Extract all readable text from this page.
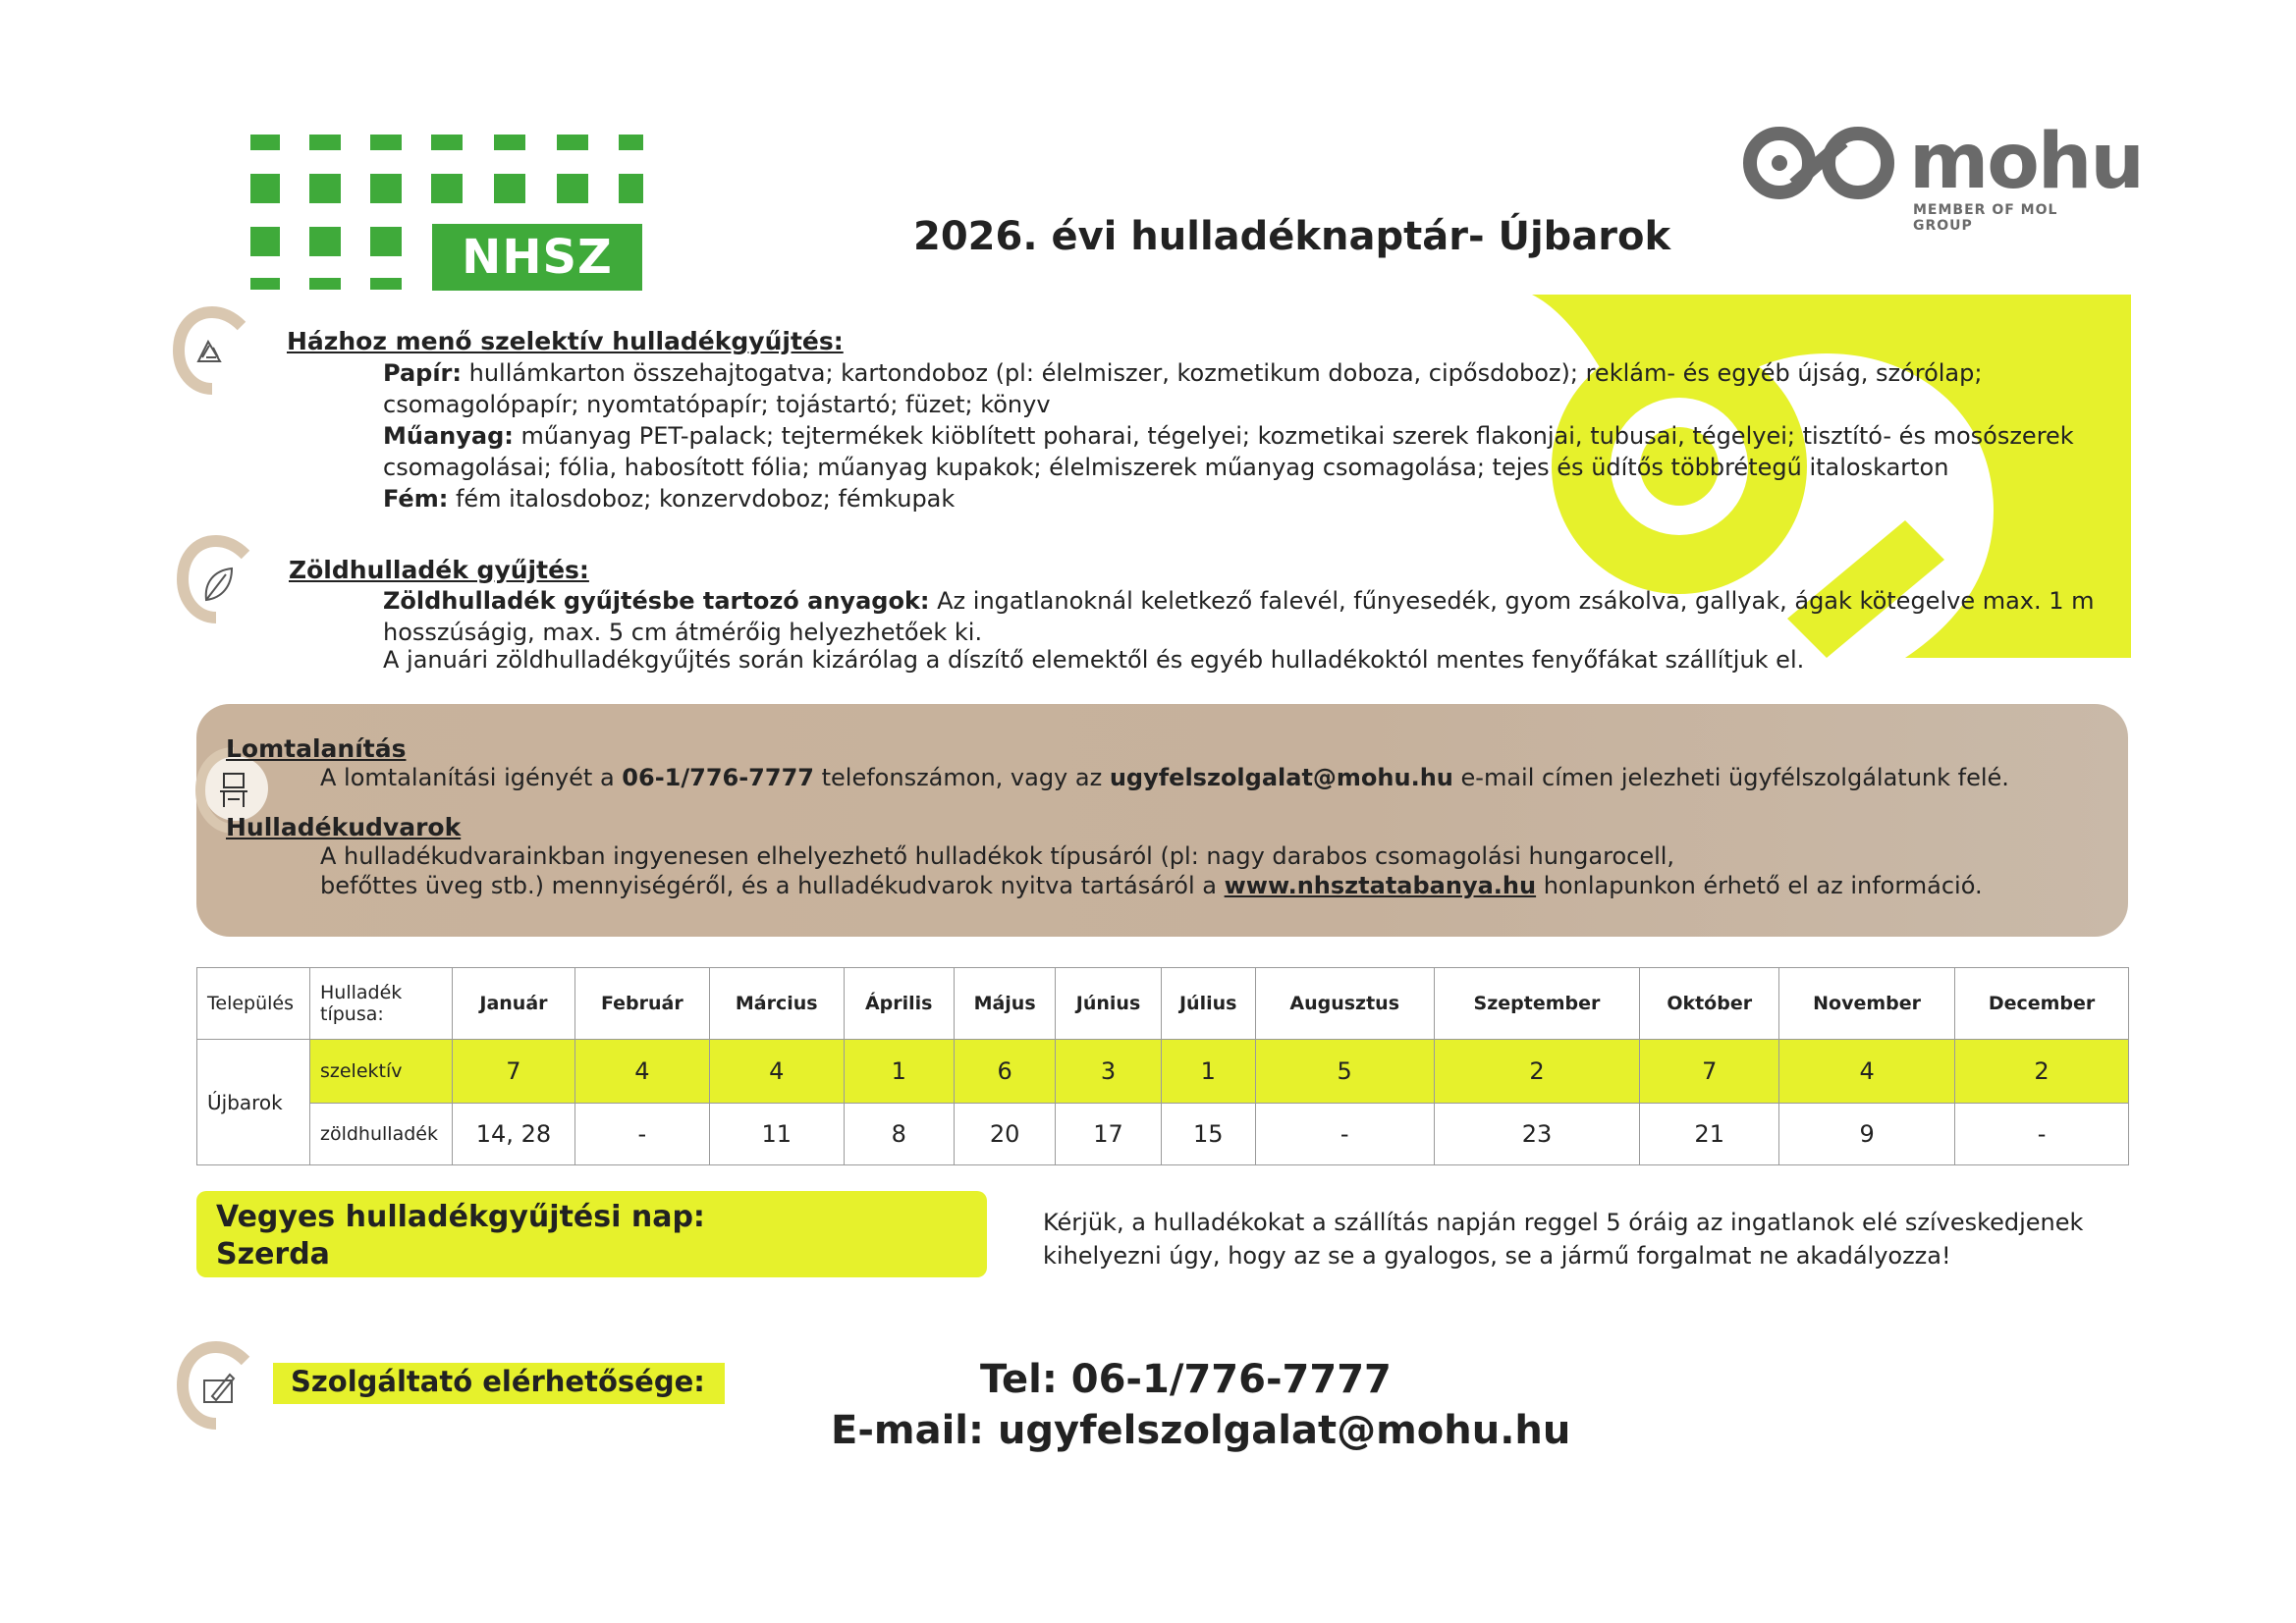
NHSZ
mohu
MEMBER OF MOL GROUP
2026. évi hulladéknaptár- Újbarok
Házhoz menő szelektív hulladékgyűjtés:
Papír: hullámkarton összehajtogatva; kartondoboz (pl: élelmiszer, kozmetikum doboza, cipősdoboz); reklám- és egyéb újság, szórólap;
csomagolópapír; nyomtatópapír; tojástartó; füzet; könyv
Műanyag: műanyag PET-palack; tejtermékek kiöblített poharai, tégelyei; kozmetikai szerek flakonjai, tubusai, tégelyei; tisztító- és mosószerek
csomagolásai; fólia, habosított fólia; műanyag kupakok; élelmiszerek műanyag csomagolása; tejes és üdítős többrétegű italoskarton
Fém: fém italosdoboz; konzervdoboz; fémkupak
Zöldhulladék gyűjtés:
Zöldhulladék gyűjtésbe tartozó anyagok: Az ingatlanoknál keletkező falevél, fűnyesedék, gyom zsákolva, gallyak, ágak kötegelve max. 1 m
hosszúságig, max. 5 cm átmérőig helyezhetőek ki.
A januári zöldhulladékgyűjtés során kizárólag a díszítő elemektől és egyéb hulladékoktól mentes fenyőfákat szállítjuk el.
Lomtalanítás
A lomtalanítási igényét a 06-1/776-7777 telefonszámon, vagy az ugyfelszolgalat@mohu.hu e-mail címen jelezheti ügyfélszolgálatunk felé.
Hulladékudvarok
A hulladékudvarainkban ingyenesen elhelyezhető hulladékok típusáról (pl: nagy darabos csomagolási hungarocell,
befőttes üveg stb.) mennyiségéről, és a hulladékudvarok nyitva tartásáról a www.nhsztatabanya.hu honlapunkon érhető el az információ.
Település	Hulladék típusa:	Január	Február	Március	Április	Május	Június	Július	Augusztus	Szeptember	Október	November	December
Újbarok	szelektív	7	4	4	1	6	3	1	5	2	7	4	2
	zöldhulladék	14, 28	-	11	8	20	17	15	-	23	21	9	-
Vegyes hulladékgyűjtési nap:
Szerda
Kérjük, a hulladékokat a szállítás napján reggel 5 óráig az ingatlanok elé szíveskedjenek
kihelyezni úgy, hogy az se a gyalogos, se a jármű forgalmat ne akadályozza!
Szolgáltató elérhetősége:	Tel: 06-1/776-7777
E-mail: ugyfelszolgalat@mohu.hu
